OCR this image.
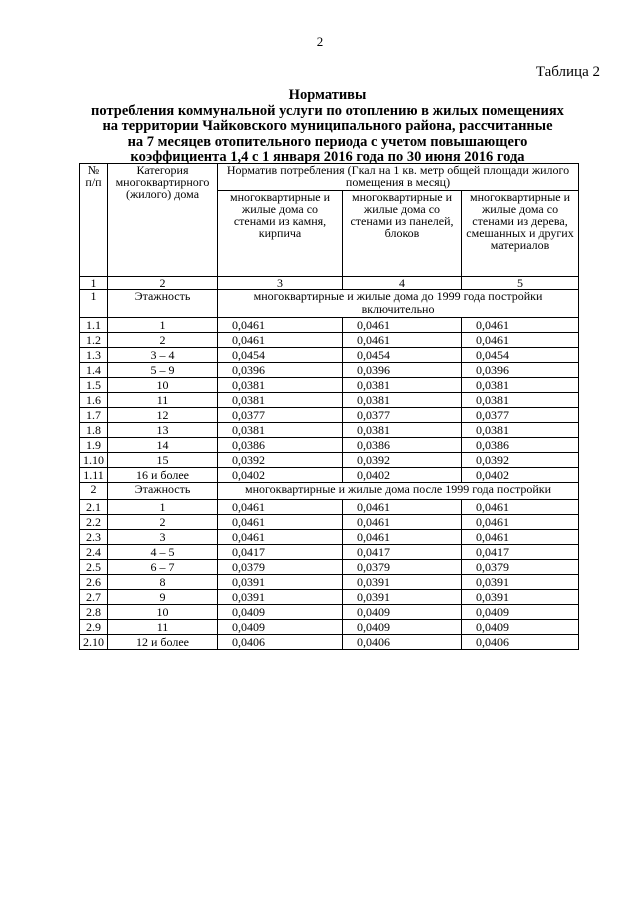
2
Таблица 2
Нормативы
потребления коммунальной услуги по отоплению в жилых помещениях
на территории Чайковского муниципального района, рассчитанные
на 7 месяцев отопительного периода с учетом повышающего
коэффициента 1,4 с 1 января 2016 года по 30 июня 2016 года
№ п/п	Категория многоквартирного (жилого) дома	Норматив потребления (Гкал на 1 кв. метр общей площади жилого помещения в месяц)		
		многоквартирные и жилые дома со стенами из камня, кирпича	многоквартирные и жилые дома со стенами из панелей, блоков	многоквартирные и жилые дома со стенами из дерева, смешанных и других материалов
1	2	3	4	5
1	Этажность	многоквартирные и жилые дома до 1999 года постройки включительно		
1.1	1	0,0461	0,0461	0,0461
1.2	2	0,0461	0,0461	0,0461
1.3	3 – 4	0,0454	0,0454	0,0454
1.4	5 – 9	0,0396	0,0396	0,0396
1.5	10	0,0381	0,0381	0,0381
1.6	11	0,0381	0,0381	0,0381
1.7	12	0,0377	0,0377	0,0377
1.8	13	0,0381	0,0381	0,0381
1.9	14	0,0386	0,0386	0,0386
1.10	15	0,0392	0,0392	0,0392
1.11	16 и более	0,0402	0,0402	0,0402
2	Этажность	многоквартирные и жилые дома после 1999 года постройки		
2.1	1	0,0461	0,0461	0,0461
2.2	2	0,0461	0,0461	0,0461
2.3	3	0,0461	0,0461	0,0461
2.4	4 – 5	0,0417	0,0417	0,0417
2.5	6 – 7	0,0379	0,0379	0,0379
2.6	8	0,0391	0,0391	0,0391
2.7	9	0,0391	0,0391	0,0391
2.8	10	0,0409	0,0409	0,0409
2.9	11	0,0409	0,0409	0,0409
2.10	12 и более	0,0406	0,0406	0,0406
